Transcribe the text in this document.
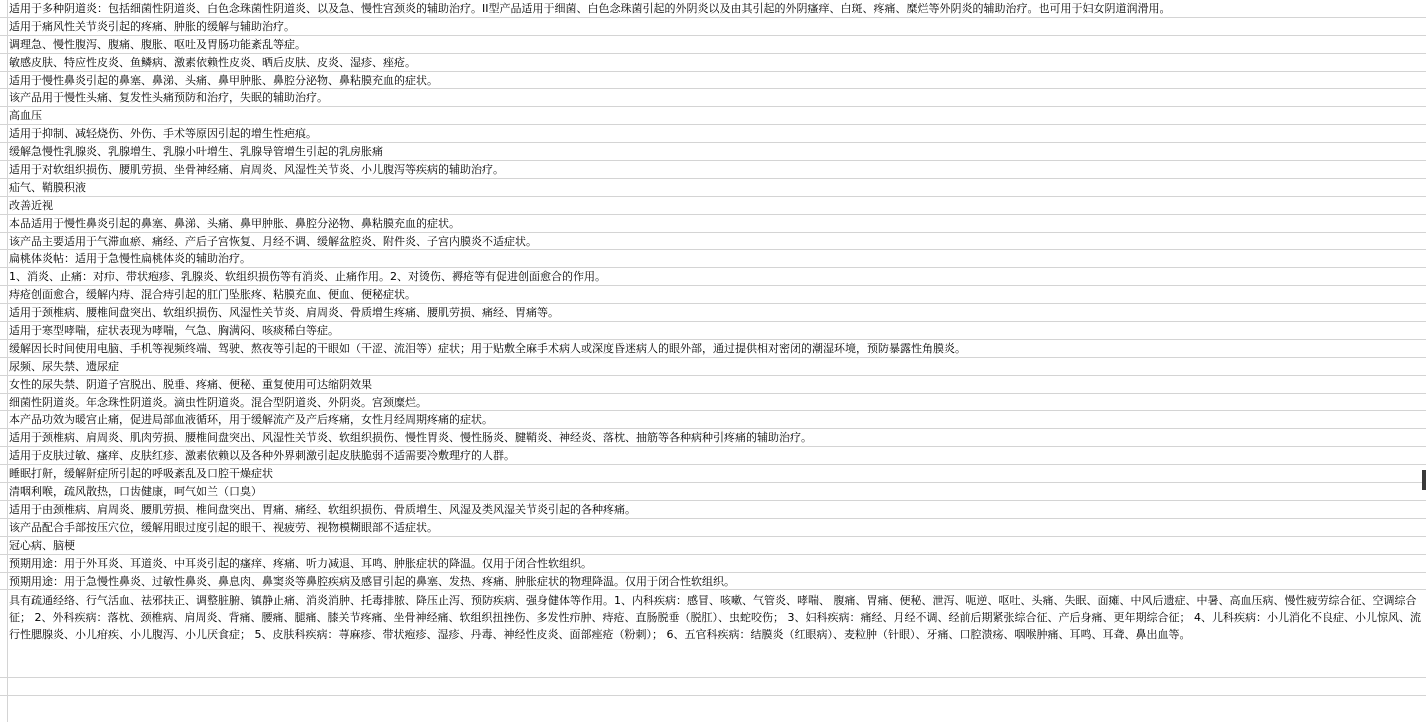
适用于多种阴道炎：包括细菌性阴道炎、白色念珠菌性阴道炎、以及急、慢性宫颈炎的辅助治疗。II型产品适用于细菌、白色念珠菌引起的外阴炎以及由其引起的外阴瘙痒、白斑、疼痛、糜烂等外阴炎的辅助治疗。也可用于妇女阴道润滑用。
适用于痛风性关节炎引起的疼痛、肿胀的缓解与辅助治疗。
调理急、慢性腹泻、腹痛、腹胀、呕吐及胃肠功能紊乱等症。
敏感皮肤、特应性皮炎、鱼鳞病、激素依赖性皮炎、晒后皮肤、皮炎、湿疹、痤疮。
适用于慢性鼻炎引起的鼻塞、鼻涕、头痛、鼻甲肿胀、鼻腔分泌物、鼻粘膜充血的症状。
该产品用于慢性头痛、复发性头痛预防和治疗，失眠的辅助治疗。
高血压
适用于抑制、减轻烧伤、外伤、手术等原因引起的增生性疤痕。
缓解急慢性乳腺炎、乳腺增生、乳腺小叶增生、乳腺导管增生引起的乳房胀痛
适用于对软组织损伤、腰肌劳损、坐骨神经痛、肩周炎、风湿性关节炎、小儿腹泻等疾病的辅助治疗。
疝气、鞘膜积液
改善近视
本品适用于慢性鼻炎引起的鼻塞、鼻涕、头痛、鼻甲肿胀、鼻腔分泌物、鼻粘膜充血的症状。
该产品主要适用于气滞血瘀、痛经、产后子宫恢复、月经不调、缓解盆腔炎、附件炎、子宫内膜炎不适症状。
扁桃体炎帖：适用于急慢性扁桃体炎的辅助治疗。
1、消炎、止痛：对疖、带状疱疹、乳腺炎、软组织损伤等有消炎、止痛作用。2、对烫伤、褥疮等有促进创面愈合的作用。
痔疮创面愈合，缓解内痔、混合痔引起的肛门坠胀疼、粘膜充血、便血、便秘症状。
适用于颈椎病、腰椎间盘突出、软组织损伤、风湿性关节炎、肩周炎、骨质增生疼痛、腰肌劳损、痛经、胃痛等。
适用于寒型哮喘，症状表现为哮喘，气急、胸满闷、咳痰稀白等症。
缓解因长时间使用电脑、手机等视频终端、驾驶、熬夜等引起的干眼如（干涩、流泪等）症状；用于贴敷全麻手术病人或深度昏迷病人的眼外部，通过提供相对密闭的潮湿环境，预防暴露性角膜炎。
尿频、尿失禁、遗尿症
女性的尿失禁、阴道子宫脱出、脱垂、疼痛、便秘、重复使用可达缩阴效果
细菌性阴道炎。年念珠性阴道炎。滴虫性阴道炎。混合型阴道炎、外阴炎。宫颈糜烂。
本产品功效为暖宫止痛，促进局部血液循环，用于缓解流产及产后疼痛，女性月经周期疼痛的症状。
适用于颈椎病、肩周炎、肌肉劳损、腰椎间盘突出、风湿性关节炎、软组织损伤、慢性胃炎、慢性肠炎、腱鞘炎、神经炎、落枕、抽筋等各种病种引疼痛的辅助治疗。
适用于皮肤过敏、瘙痒、皮肤红疹、激素依赖以及各种外界刺激引起皮肤脆弱不适需要冷敷理疗的人群。
睡眠打鼾，缓解鼾症所引起的呼吸紊乱及口腔干燥症状
清咽利喉，疏风散热，口齿健康，呵气如兰（口臭）
适用于由颈椎病、肩周炎、腰肌劳损、椎间盘突出、胃痛、痛经、软组织损伤、骨质增生、风湿及类风湿关节炎引起的各种疼痛。
该产品配合手部按压穴位，缓解用眼过度引起的眼干、视疲劳、视物模糊眼部不适症状。
冠心病、脑梗
预期用途：用于外耳炎、耳道炎、中耳炎引起的瘙痒、疼痛、听力减退、耳鸣、肿胀症状的降温。仅用于闭合性软组织。
预期用途：用于急慢性鼻炎、过敏性鼻炎、鼻息肉、鼻窦炎等鼻腔疾病及感冒引起的鼻塞、发热、疼痛、肿胀症状的物理降温。仅用于闭合性软组织。
具有疏通经络、行气活血、祛邪扶正、调整脏腑、镇静止痛、消炎消肿、托毒排脓、降压止泻、预防疾病、强身健体等作用。1、内科疾病：感冒、咳嗽、气管炎、哮喘、 腹痛、胃痛、便秘、泄泻、呃逆、呕吐、头痛、失眠、面瘫、中风后遗症、中暑、高血压病、慢性疲劳综合征、空调综合征； 2、外科疾病：落枕、颈椎病、肩周炎、背痛、腰痛、腿痛、膝关节疼痛、坐骨神经痛、软组织扭挫伤、多发性疖肿、痔疮、直肠脱垂（脱肛）、虫蛇咬伤； 3、妇科疾病：痛经、月经不调、经前后期紧张综合征、产后身痛、更年期综合征； 4、儿科疾病：小儿消化不良症、小儿惊风、流行性腮腺炎、小儿疳疾、小儿腹泻、小儿厌食症； 5、皮肤科疾病：荨麻疹、带状疱疹、湿疹、丹毒、神经性皮炎、面部痤疮（粉刺）； 6、五官科疾病：结膜炎（红眼病）、麦粒肿（针眼）、牙痛、口腔溃疡、咽喉肿痛、耳鸣、耳聋、鼻出血等。
